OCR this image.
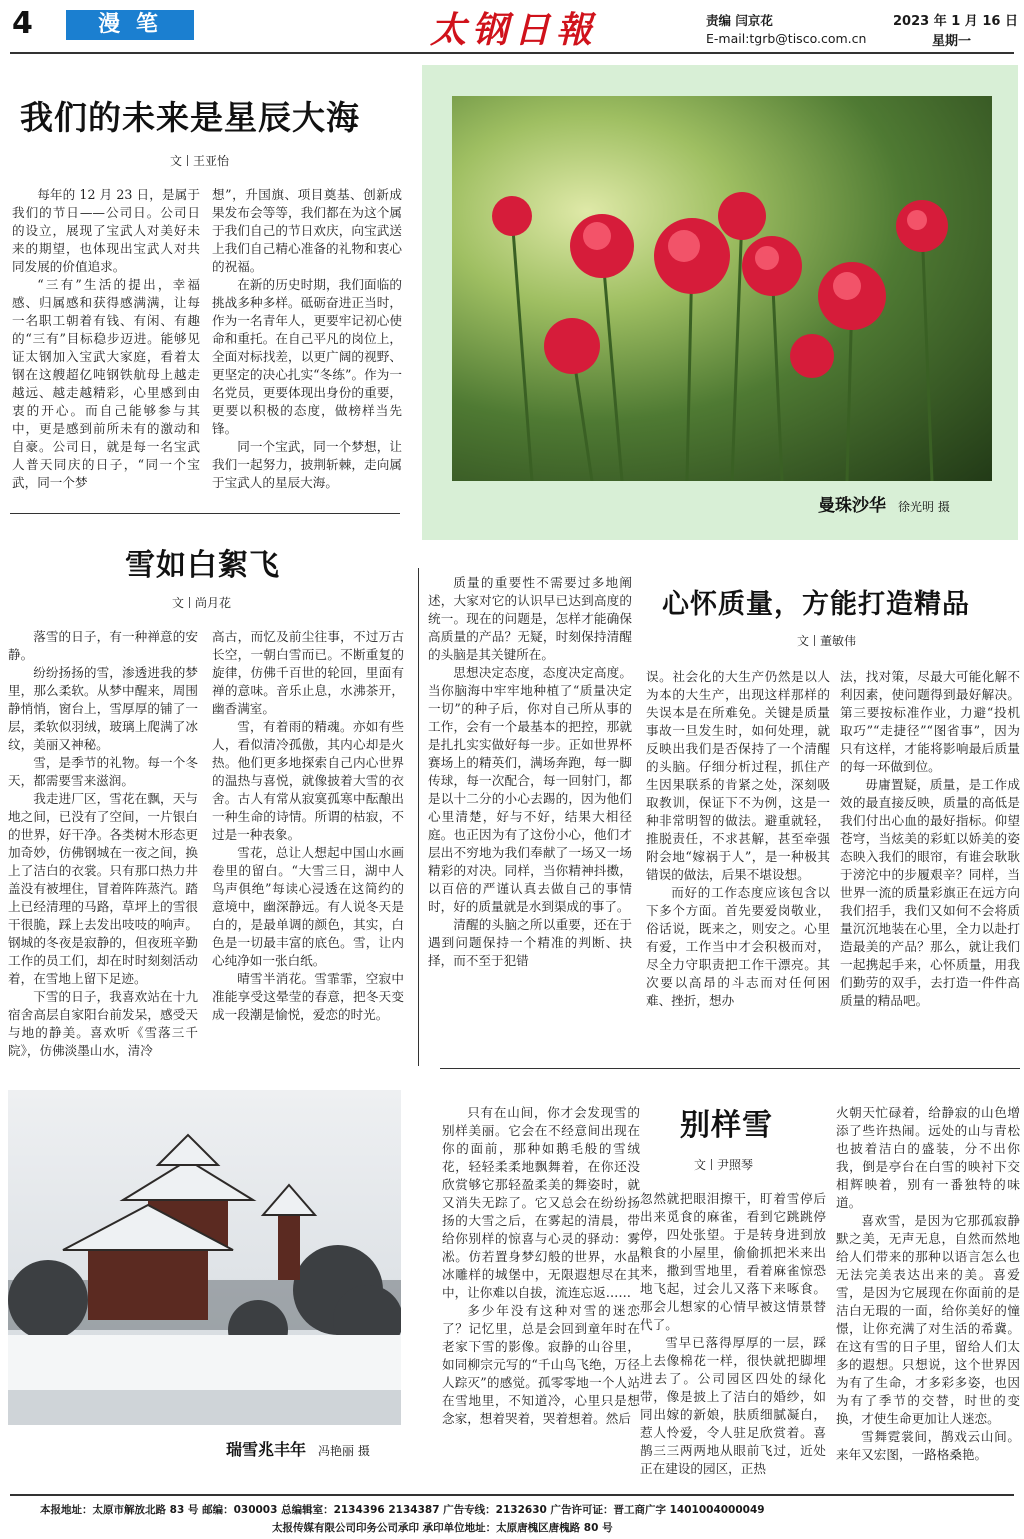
4	漫 笔	太钢日報	责编 闫京花
E-mail:tgrb@tisco.com.cn
2023 年 1 月 16 日
星期一
我们的未来是星辰大海
文 王亚怡

每年的 12 月 23 日，是属于我们的节日——公司日。公司日的设立，展现了宝武人对美好未来的期望，也体现出宝武人对共同发展的价值追求。

“三有”生活的提出，幸福感、归属感和获得感满满，让每一名职工朝着有钱、有闲、有趣的“三有”目标稳步迈进。能够见证太钢加入宝武大家庭，看着太钢在这艘超亿吨钢铁航母上越走越远、越走越精彩，心里感到由衷的开心。而自己能够参与其中，更是感到前所未有的激动和自豪。公司日，就是每一名宝武人普天同庆的日子，“同一个宝武，同一个梦

想”，升国旗、项目奠基、创新成果发布会等等，我们都在为这个属于我们自己的节日欢庆，向宝武送上我们自己精心准备的礼物和衷心的祝福。

在新的历史时期，我们面临的挑战多种多样。砥砺奋进正当时，作为一名青年人，更要牢记初心使命和重托。在自己平凡的岗位上，全面对标找差，以更广阔的视野、更坚定的决心扎实“冬练”。作为一名党员，更要体现出身份的重要，更要以积极的态度，做榜样当先锋。

同一个宝武，同一个梦想，让我们一起努力，披荆斩棘，走向属于宝武人的星辰大海。

曼珠沙华 徐光明 摄
雪如白絮飞
文 尚月花

落雪的日子，有一种禅意的安静。

纷纷扬扬的雪，渗透进我的梦里，那么柔软。从梦中醒来，周围静悄悄，窗台上，雪厚厚的铺了一层，柔软似羽绒，玻璃上爬满了冰纹，美丽又神秘。

雪，是季节的礼物。每一个冬天，都需要雪来滋润。

我走进厂区，雪花在飘，天与地之间，已没有了空间，一片银白的世界，好干净。各类树木形态更加奇妙，仿佛钢城在一夜之间，换上了洁白的衣裳。只有那口热力井盖没有被埋住，冒着阵阵蒸汽。踏上已经清理的马路，草坪上的雪很干很脆，踩上去发出吱吱的响声。钢城的冬夜是寂静的，但夜班辛勤工作的员工们，却在时时刻刻活动着，在雪地上留下足迹。

下雪的日子，我喜欢站在十九宿舍高层自家阳台前发呆，感受天与地的静美。喜欢听《雪落三千院》，仿佛淡墨山水，清冷

高古，而忆及前尘往事，不过万古长空，一朝白雪而已。不断重复的旋律，仿佛千百世的轮回，里面有禅的意味。音乐止息，水沸茶开，幽香满室。

雪，有着雨的精魂。亦如有些人，看似清冷孤傲，其内心却是火热。他们更多地探索自己内心世界的温热与喜悦，就像披着大雪的衣舍。古人有常从寂寞孤寒中酝酿出一种生命的诗情。所谓的枯寂，不过是一种表象。

雪花，总让人想起中国山水画卷里的留白。“大雪三日，湖中人鸟声俱绝”每读心浸透在这简约的意境中，幽深静远。有人说冬天是白的，是最单调的颜色，其实，白色是一切最丰富的底色。雪，让内心纯净如一张白纸。

晴雪半消花。雪霏霏，空寂中准能享受这晕莹的春意，把冬天变成一段潮是愉悦，爱恋的时光。

质量的重要性不需要过多地阐述，大家对它的认识早已达到高度的统一。现在的问题是，怎样才能确保高质量的产品？无疑，时刻保持清醒的头脑是其关键所在。

思想决定态度，态度决定高度。当你脑海中牢牢地种植了“质量决定一切”的种子后，你对自己所从事的工作，会有一个最基本的把控，那就是扎扎实实做好每一步。正如世界杯赛场上的精英们，满场奔跑，每一脚传球，每一次配合，每一回射门，都是以十二分的小心去踢的，因为他们心里清楚，好与不好，结果大相径庭。也正因为有了这份小心，他们才层出不穷地为我们奉献了一场又一场精彩的对决。同样，当你精神抖擞，以百倍的严谨认真去做自己的事情时，好的质量就是水到渠成的事了。

清醒的头脑之所以重要，还在于遇到问题保持一个精准的判断、抉择，而不至于犯错

心怀质量，方能打造精品
文 董敏伟

误。社会化的大生产仍然是以人为本的大生产，出现这样那样的失误本是在所难免。关键是质量事故一旦发生时，如何处理，就反映出我们是否保持了一个清醒的头脑。仔细分析过程，抓住产生因果联系的肯紧之处，深刻吸取教训，保证下不为例，这是一种非常明智的做法。避重就轻，推脱责任，不求甚解，甚至牵强附会地“嫁祸于人”，是一种极其错误的做法，后果不堪设想。

而好的工作态度应该包含以下多个方面。首先要爱岗敬业，俗话说，既来之，则安之。心里有爱，工作当中才会积极而对，尽全力守职责把工作干漂亮。其次要以高昂的斗志而对任何困难、挫折，想办

法，找对策，尽最大可能化解不利因素，使问题得到最好解决。第三要按标准作业，力避“投机取巧”“走捷径”“图省事”，因为只有这样，才能将影响最后质量的每一环做到位。

毋庸置疑，质量，是工作成效的最直接反映，质量的高低是我们付出心血的最好指标。仰望苍穹，当炫美的彩虹以娇美的姿态映入我们的眼帘，有谁会耿耿于滂沱中的步履艰辛？同样，当世界一流的质量彩旗正在远方向我们招手，我们又如何不会将质量沉沉地装在心里，全力以赴打造最美的产品？那么，就让我们一起携起手来，心怀质量，用我们勤劳的双手，去打造一件件高质量的精品吧。

瑞雪兆丰年 冯艳丽 摄

只有在山间，你才会发现雪的别样美丽。它会在不经意间出现在你的面前，那种如鹅毛般的雪绒花，轻轻柔柔地飘舞着，在你还没欣赏够它那轻盈柔美的舞姿时，就又消失无踪了。它又总会在纷纷扬扬的大雪之后，在雾起的清晨，带给你别样的惊喜与心灵的驿动：雾凇。仿若置身梦幻般的世界，水晶冰雕样的城堡中，无限遐想尽在其中，让你难以自拔，流连忘返……

多少年没有这种对雪的迷恋了？记忆里，总是会回到童年时在老家下雪的影像。寂静的山谷里，如同柳宗元写的“千山鸟飞绝，万径人踪灭”的感觉。孤零零地一个人站在雪地里，不知道冷，心里只是想念家，想着哭着，哭着想着。然后

别样雪
文 尹照琴

忽然就把眼泪擦干，盯着雪停后出来觅食的麻雀，看到它跳跳停停，四处张望。于是转身进到放粮食的小屋里，偷偷抓把米来出来，撒到雪地里，看着麻雀惊恐地飞起，过会儿又落下来啄食。那会儿想家的心情早被这情景替代了。

雪早已落得厚厚的一层，踩上去像棉花一样，很快就把脚埋进去了。公司园区四处的绿化带，像是披上了洁白的婚纱，如同出嫁的新娘，肤质细腻凝白，惹人怜爱，令人驻足欣赏着。喜鹊三三两两地从眼前飞过，近处正在建设的园区，正热

火朝天忙碌着，给静寂的山色增添了些许热闹。远处的山与青松也披着洁白的盛装，分不出你我，倒是亭台在白雪的映衬下交相辉映着，别有一番独特的味道。

喜欢雪，是因为它那孤寂静默之美，无声无息，自然而然地给人们带来的那种以语言怎么也无法完美表达出来的美。喜爱雪，是因为它展现在你面前的是洁白无瑕的一面，给你美好的憧憬，让你充满了对生活的希冀。在这有雪的日子里，留给人们太多的遐想。只想说，这个世界因为有了生命，才多彩多姿，也因为有了季节的交替，时世的变换，才使生命更加让人迷恋。

雪舞霓裳间，鹊戏云山间。来年又宏图，一路格桑艳。

本报地址：太原市解放北路 83 号 邮编：030003 总编辑室：2134396 2134387 广告专线：2132630 广告许可证：晋工商广字 1401004000049
太报传媒有限公司印务公司承印 承印单位地址：太原唐槐区唐槐路 80 号
